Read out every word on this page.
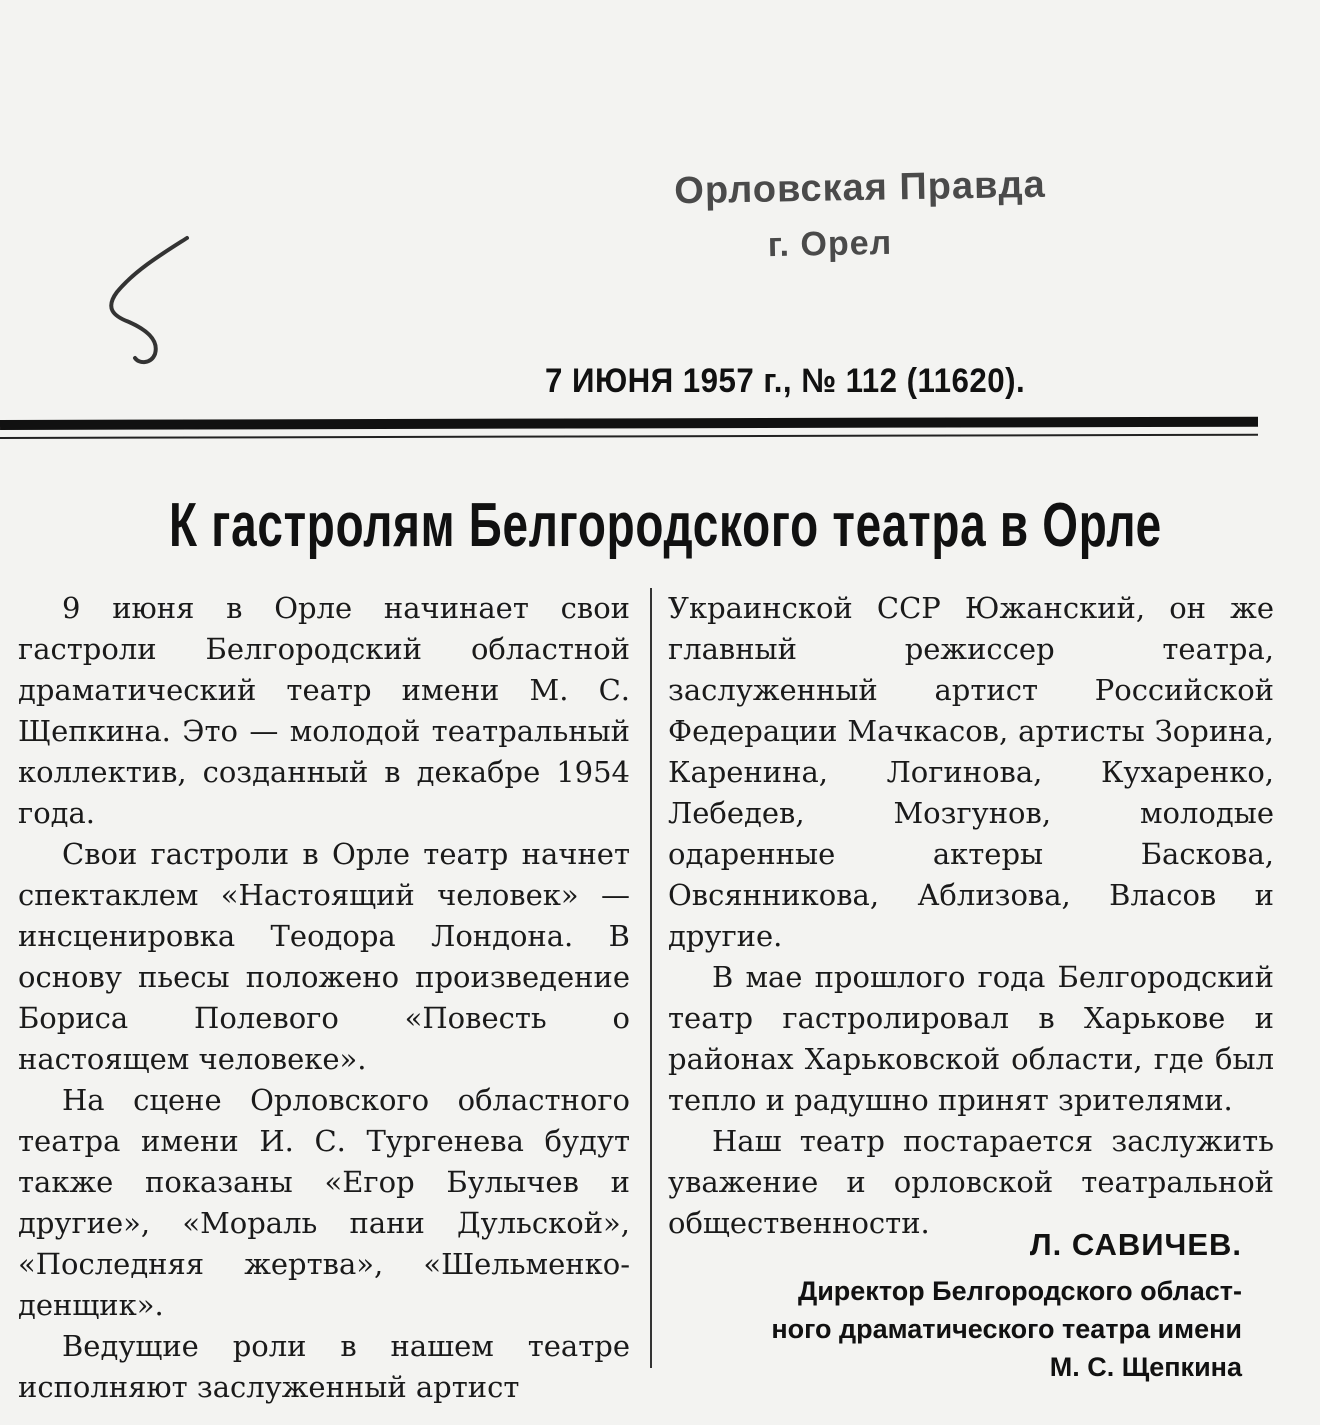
Орловская Правда
г. Орел
7 ИЮНЯ 1957 г., № 112 (11620).
К гастролям Белгородского театра в Орле

9 июня в Орле начинает свои гастроли Белгородский областной драматический театр имени М. С. Щепкина. Это — молодой театральный коллектив, созданный в декабре 1954 года.

Свои гастроли в Орле театр начнет спектаклем «Настоящий человек» — инсценировка Теодора Лондона. В основу пьесы положено произведение Бориса Полевого «Повесть о настоящем человеке».

На сцене Орловского областного театра имени И. С. Тургенева будут также показаны «Егор Булычев и другие», «Мораль пани Дульской», «Последняя жертва», «Шельменко-денщик».

Ведущие роли в нашем театре исполняют заслуженный артист

Украинской ССР Южанский, он же главный режиссер театра, заслуженный артист Российской Федерации Мачкасов, артисты Зорина, Каренина, Логинова, Кухаренко, Лебедев, Мозгунов, молодые одаренные актеры Баскова, Овсянникова, Аблизова, Власов и другие.

В мае прошлого года Белгородский театр гастролировал в Харькове и районах Харьковской области, где был тепло и радушно принят зрителями.

Наш театр постарается заслужить уважение и орловской театральной общественности.

Л. САВИЧЕВ.
Директор Белгородского област-
ного драматического театра имени
М. С. Щепкина
